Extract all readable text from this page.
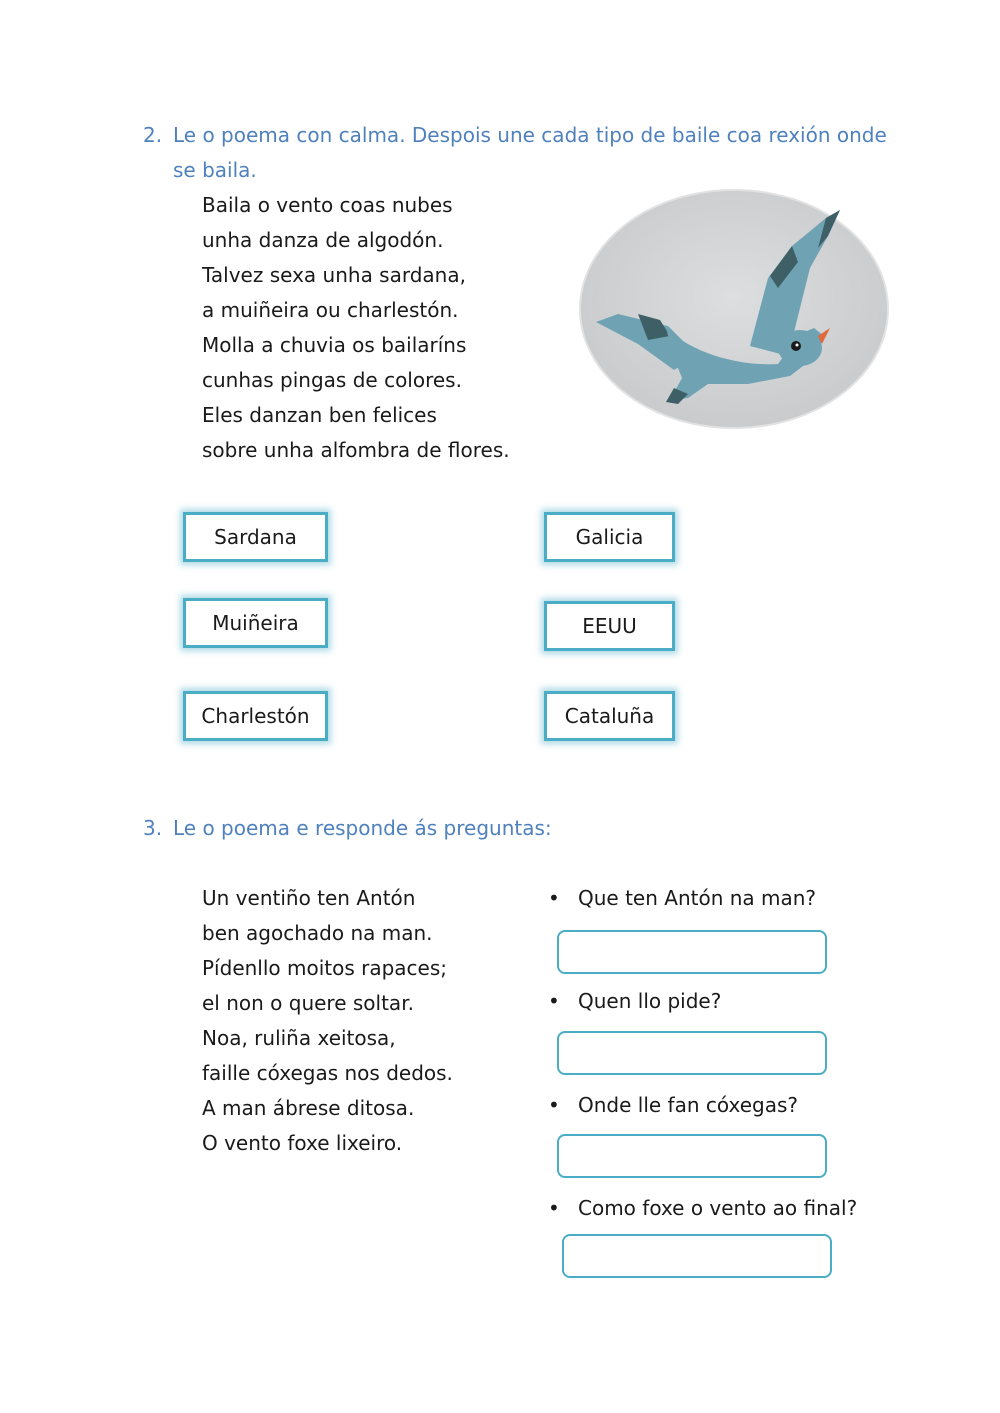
2. Le o poema con calma. Despois une cada tipo de baile coa rexión onde se baila.
Baila o vento coas nubes
unha danza de algodón.
Talvez sexa unha sardana,
a muiñeira ou charlestón.
Molla a chuvia os bailaríns
cunhas pingas de colores.
Eles danzan ben felices
sobre unha alfombra de flores.
Sardana
Muiñeira
Charlestón
Galicia
EEUU
Cataluña
3. Le o poema e responde ás preguntas:
Un ventiño ten Antón
ben agochado na man.
Pídenllo moitos rapaces;
el non o quere soltar.
Noa, ruliña xeitosa,
faille cóxegas nos dedos.
A man ábrese ditosa.
O vento foxe lixeiro.
• Que ten Antón na man?
• Quen llo pide?
• Onde lle fan cóxegas?
• Como foxe o vento ao final?
